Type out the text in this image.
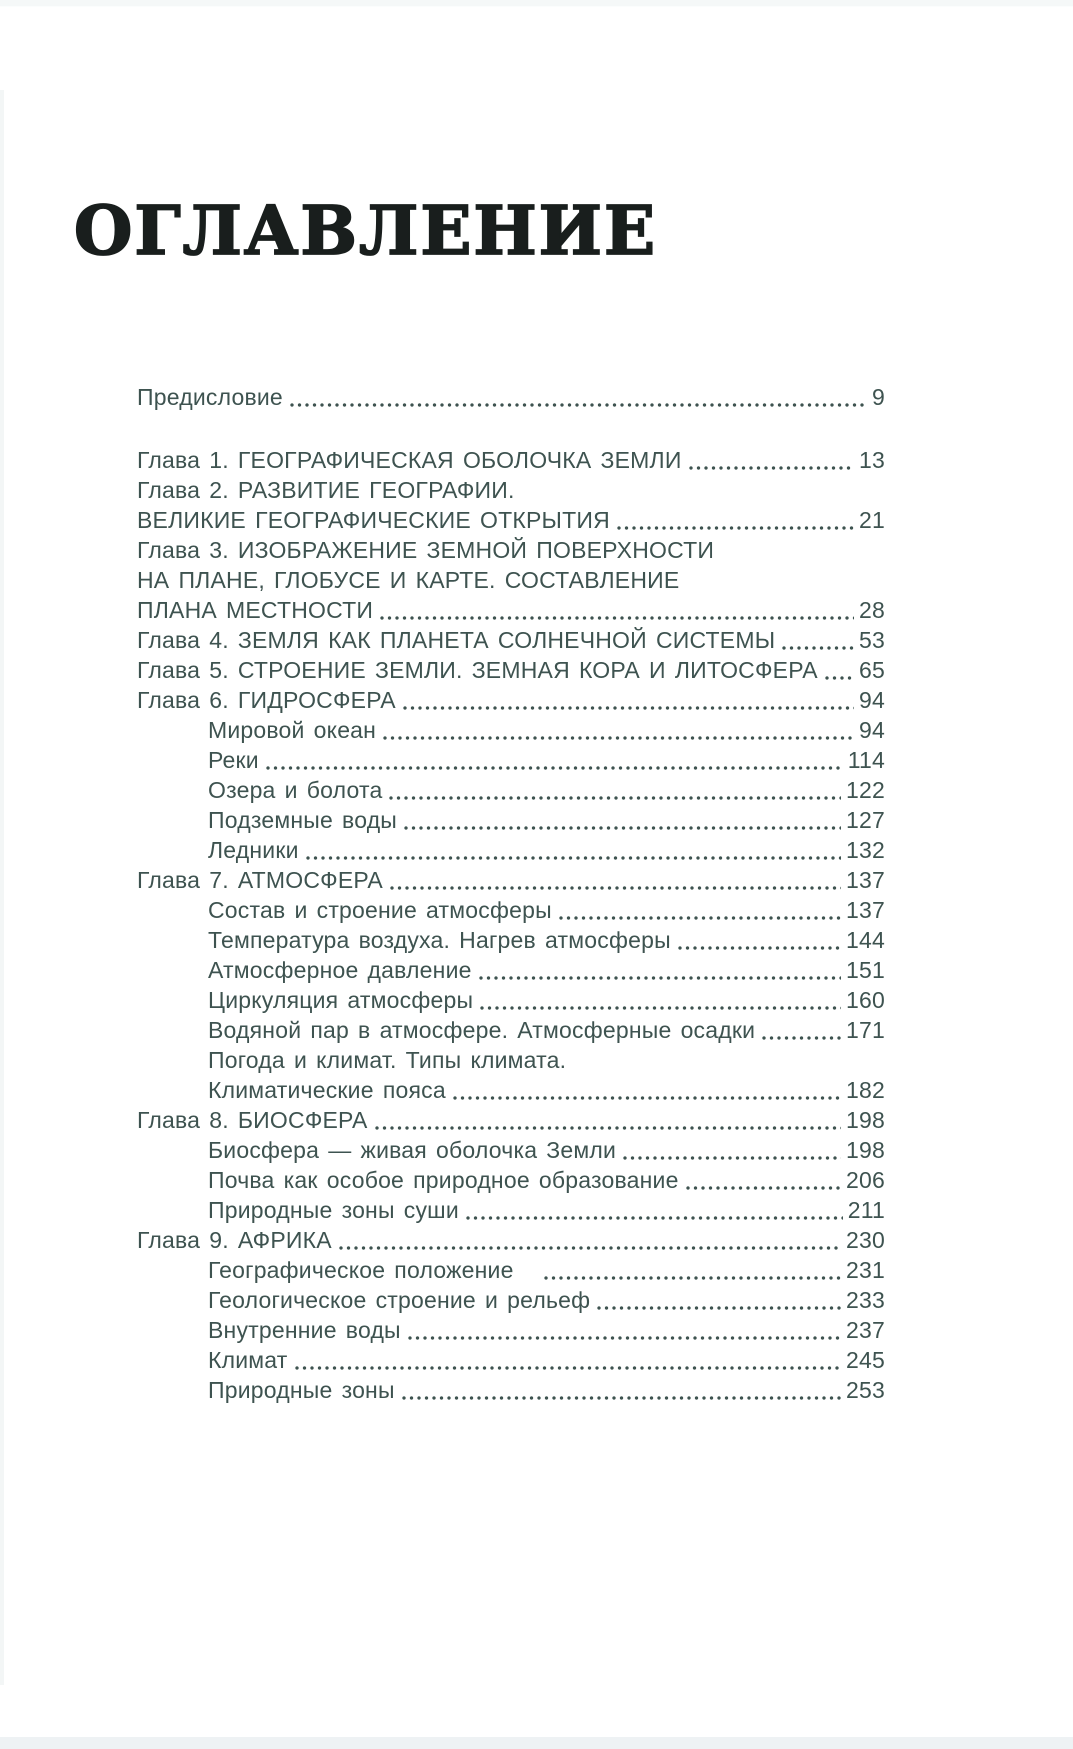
ОГЛАВЛЕНИЕ
Предисловие	9
Глава 1. ГЕОГРАФИЧЕСКАЯ ОБОЛОЧКА ЗЕМЛИ	13
Глава 2. РАЗВИТИЕ ГЕОГРАФИИ.
ВЕЛИКИЕ ГЕОГРАФИЧЕСКИЕ ОТКРЫТИЯ	21
Глава 3. ИЗОБРАЖЕНИЕ ЗЕМНОЙ ПОВЕРХНОСТИ
НА ПЛАНЕ, ГЛОБУСЕ И КАРТЕ. СОСТАВЛЕНИЕ
ПЛАНА МЕСТНОСТИ	28
Глава 4. ЗЕМЛЯ КАК ПЛАНЕТА СОЛНЕЧНОЙ СИСТЕМЫ	53
Глава 5. СТРОЕНИЕ ЗЕМЛИ. ЗЕМНАЯ КОРА И ЛИТОСФЕРА 65
Глава 6. ГИДРОСФЕРА	94
Мировой океан	94
Реки	114
Озера и болота	122
Подземные воды	127
Ледники	132
Глава 7. АТМОСФЕРА	137
Состав и строение атмосферы	137
Температура воздуха. Нагрев атмосферы	144
Атмосферное давление	151
Циркуляция атмосферы	160
Водяной пар в атмосфере. Атмосферные осадки	171
Погода и климат. Типы климата.
Климатические пояса	182
Глава 8. БИОСФЕРА	198
Биосфера — живая оболочка Земли	198
Почва как особое природное образование	206
Природные зоны суши	211
Глава 9. АФРИКА	230
Географическое положение	231
Геологическое строение и рельеф	233
Внутренние воды	237
Климат	245
Природные зоны	253
